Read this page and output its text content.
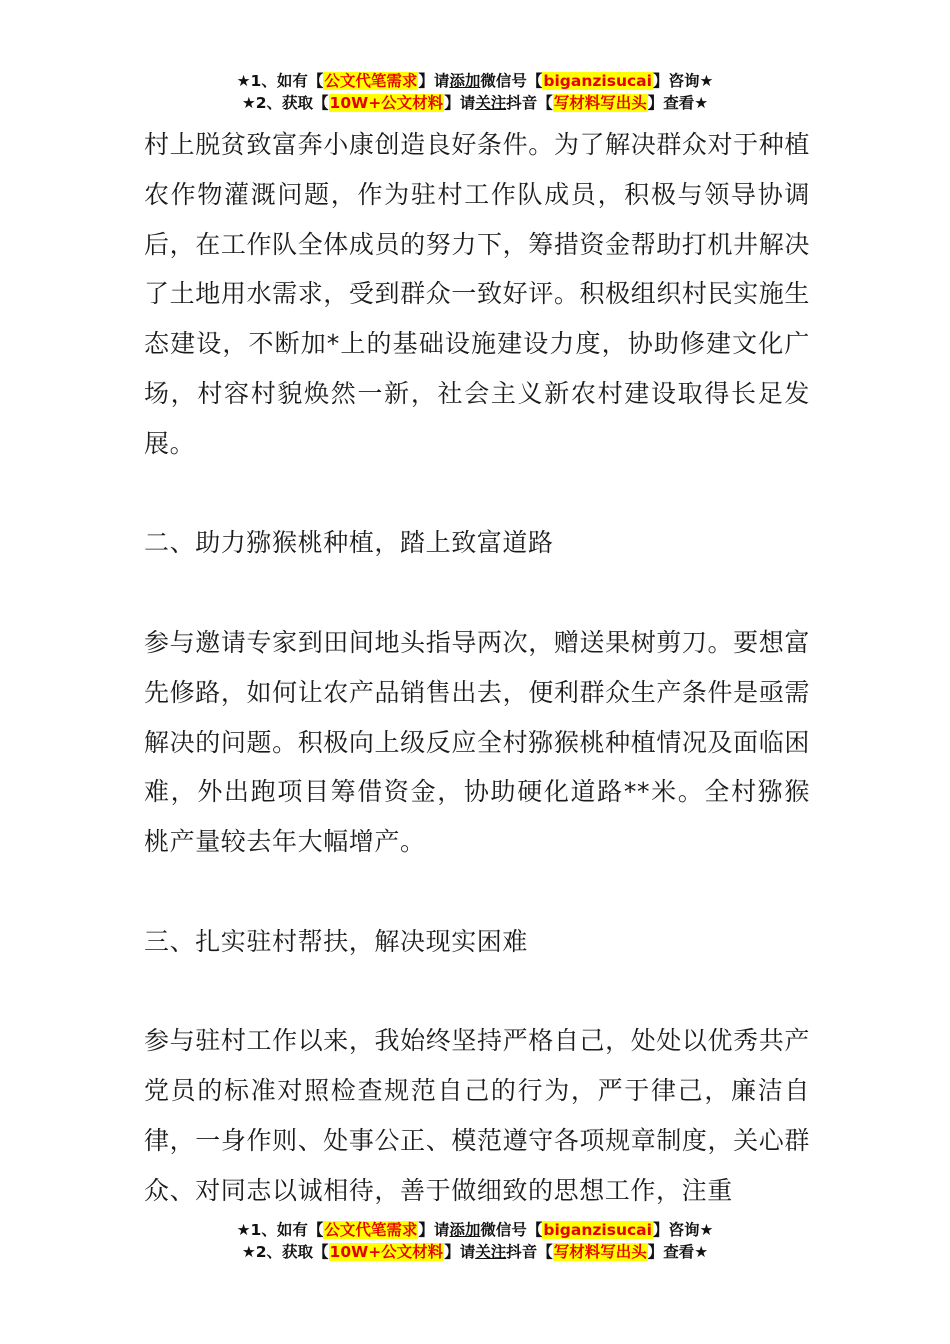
★1、如有【公文代笔需求】请添加微信号【biganzisucai】咨询★
★2、获取【10W+公文材料】请关注抖音【写材料写出头】查看★

村上脱贫致富奔小康创造良好条件。为了解决群众对于种植农作物灌溉问题，作为驻村工作队成员，积极与领导协调后，在工作队全体成员的努力下，筹措资金帮助打机井解决了土地用水需求，受到群众一致好评。积极组织村民实施生态建设，不断加*上的基础设施建设力度，协助修建文化广场，村容村貌焕然一新，社会主义新农村建设取得长足发展。

二、助力猕猴桃种植，踏上致富道路

参与邀请专家到田间地头指导两次，赠送果树剪刀。要想富先修路，如何让农产品销售出去，便利群众生产条件是亟需解决的问题。积极向上级反应全村猕猴桃种植情况及面临困难，外出跑项目筹借资金，协助硬化道路**米。全村猕猴桃产量较去年大幅增产。

三、扎实驻村帮扶，解决现实困难

参与驻村工作以来，我始终坚持严格自己，处处以优秀共产党员的标准对照检查规范自己的行为，严于律己，廉洁自律，一身作则、处事公正、模范遵守各项规章制度，关心群众、对同志以诚相待，善于做细致的思想工作，注重

★1、如有【公文代笔需求】请添加微信号【biganzisucai】咨询★
★2、获取【10W+公文材料】请关注抖音【写材料写出头】查看★
